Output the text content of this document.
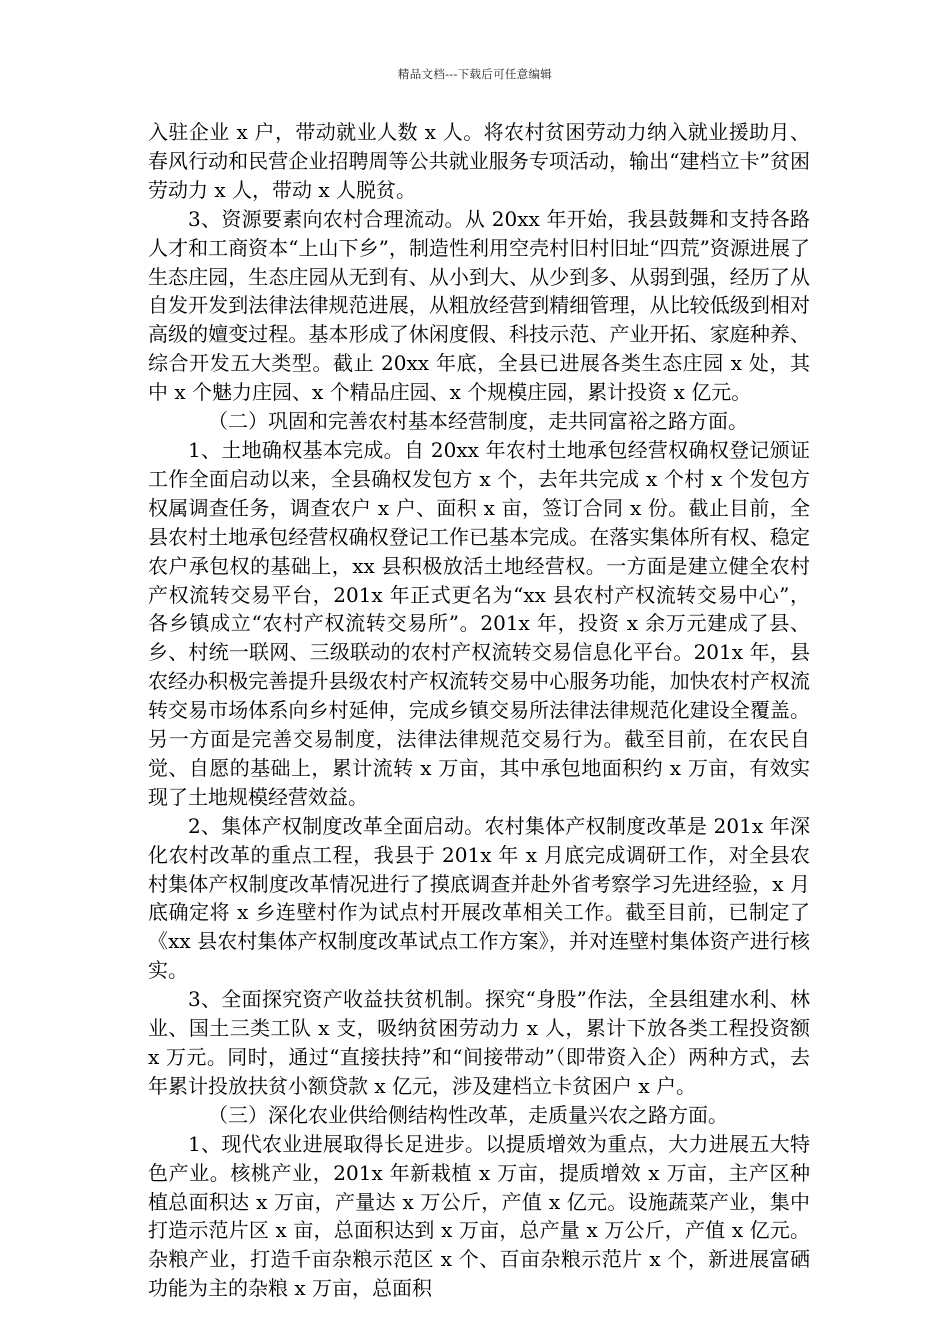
精品文档---下载后可任意编辑

入驻企业 x 户，带动就业人数 x 人。将农村贫困劳动力纳入就业援助月、春风行动和民营企业招聘周等公共就业服务专项活动，输出“建档立卡”贫困劳动力 x 人，带动 x 人脱贫。

3、资源要素向农村合理流动。从 20xx 年开始，我县鼓舞和支持各路人才和工商资本“上山下乡”，制造性利用空壳村旧村旧址“四荒”资源进展了生态庄园，生态庄园从无到有、从小到大、从少到多、从弱到强，经历了从自发开发到法律法律规范进展，从粗放经营到精细管理，从比较低级到相对高级的嬗变过程。基本形成了休闲度假、科技示范、产业开拓、家庭种养、综合开发五大类型。截止 20xx 年底，全县已进展各类生态庄园 x 处，其中 x 个魅力庄园、x 个精品庄园、x 个规模庄园，累计投资 x 亿元。

（二）巩固和完善农村基本经营制度，走共同富裕之路方面。

1、土地确权基本完成。自 20xx 年农村土地承包经营权确权登记颁证工作全面启动以来，全县确权发包方 x 个，去年共完成 x 个村 x 个发包方权属调查任务，调查农户 x 户、面积 x 亩，签订合同 x 份。截止目前，全县农村土地承包经营权确权登记工作已基本完成。在落实集体所有权、稳定农户承包权的基础上，xx 县积极放活土地经营权。一方面是建立健全农村产权流转交易平台，201x 年正式更名为“xx 县农村产权流转交易中心”，各乡镇成立“农村产权流转交易所”。201x 年，投资 x 余万元建成了县、乡、村统一联网、三级联动的农村产权流转交易信息化平台。201x 年，县农经办积极完善提升县级农村产权流转交易中心服务功能，加快农村产权流转交易市场体系向乡村延伸，完成乡镇交易所法律法律规范化建设全覆盖。另一方面是完善交易制度，法律法律规范交易行为。截至目前，在农民自觉、自愿的基础上，累计流转 x 万亩，其中承包地面积约 x 万亩，有效实现了土地规模经营效益。

2、集体产权制度改革全面启动。农村集体产权制度改革是 201x 年深化农村改革的重点工程，我县于 201x 年 x 月底完成调研工作，对全县农村集体产权制度改革情况进行了摸底调查并赴外省考察学习先进经验，x 月底确定将 x 乡连壁村作为试点村开展改革相关工作。截至目前，已制定了《xx 县农村集体产权制度改革试点工作方案》，并对连壁村集体资产进行核实。

3、全面探究资产收益扶贫机制。探究“身股”作法，全县组建水利、林业、国土三类工队 x 支，吸纳贫困劳动力 x 人，累计下放各类工程投资额 x 万元。同时，通过“直接扶持”和“间接带动”（即带资入企）两种方式，去年累计投放扶贫小额贷款 x 亿元，涉及建档立卡贫困户 x 户。

（三）深化农业供给侧结构性改革，走质量兴农之路方面。

1、现代农业进展取得长足进步。以提质增效为重点，大力进展五大特色产业。核桃产业，201x 年新栽植 x 万亩，提质增效 x 万亩，主产区种植总面积达 x 万亩，产量达 x 万公斤，产值 x 亿元。设施蔬菜产业，集中打造示范片区 x 亩，总面积达到 x 万亩，总产量 x 万公斤，产值 x 亿元。杂粮产业，打造千亩杂粮示范区 x 个、百亩杂粮示范片 x 个，新进展富硒功能为主的杂粮 x 万亩，总面积
